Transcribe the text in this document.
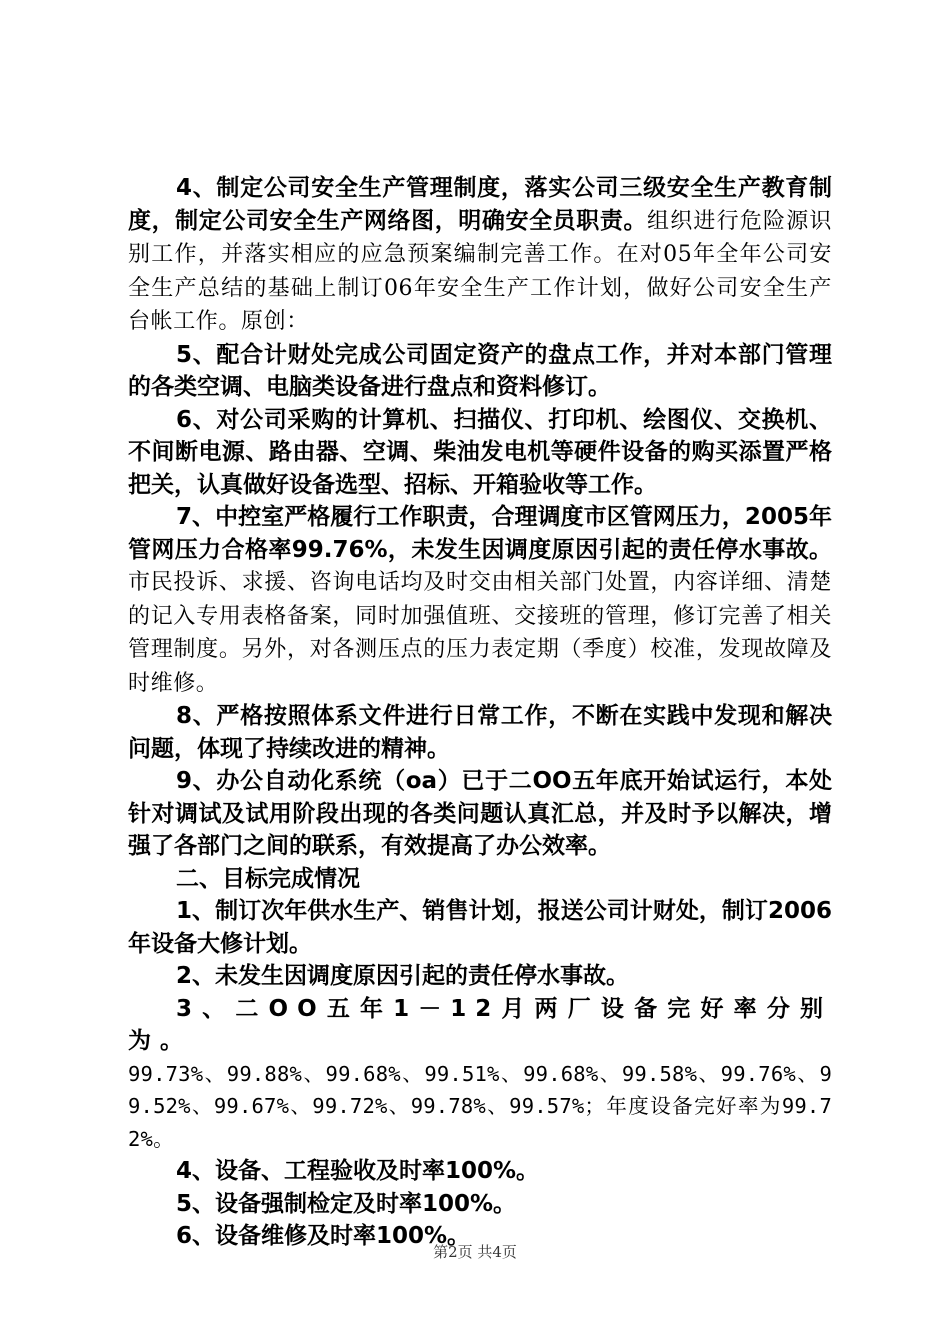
4、制定公司安全生产管理制度，落实公司三级安全生产教育制度，制定公司安全生产网络图，明确安全员职责。组织进行危险源识别工作，并落实相应的应急预案编制完善工作。在对05年全年公司安全生产总结的基础上制订06年安全生产工作计划，做好公司安全生产台帐工作。原创：

5、配合计财处完成公司固定资产的盘点工作，并对本部门管理的各类空调、电脑类设备进行盘点和资料修订。

6、对公司采购的计算机、扫描仪、打印机、绘图仪、交换机、不间断电源、路由器、空调、柴油发电机等硬件设备的购买添置严格把关，认真做好设备选型、招标、开箱验收等工作。

7、中控室严格履行工作职责，合理调度市区管网压力，2005年管网压力合格率99.76%，未发生因调度原因引起的责任停水事故。市民投诉、求援、咨询电话均及时交由相关部门处置，内容详细、清楚的记入专用表格备案，同时加强值班、交接班的管理，修订完善了相关管理制度。另外，对各测压点的压力表定期（季度）校准，发现故障及时维修。

8、严格按照体系文件进行日常工作，不断在实践中发现和解决问题，体现了持续改进的精神。

9、办公自动化系统（oa）已于二OO五年底开始试运行，本处针对调试及试用阶段出现的各类问题认真汇总，并及时予以解决，增强了各部门之间的联系，有效提高了办公效率。

二、目标完成情况

1、制订次年供水生产、销售计划，报送公司计财处，制订2006年设备大修计划。

2、未发生因调度原因引起的责任停水事故。

3、二OO五年1－12月两厂设备完好率分别为。

99.73%、99.88%、99.68%、99.51%、99.68%、99.58%、99.76%、99.52%、99.67%、99.72%、99.78%、99.57%；年度设备完好率为99.72%。

4、设备、工程验收及时率100%。

5、设备强制检定及时率100%。

6、设备维修及时率100%。

第2页 共4页
